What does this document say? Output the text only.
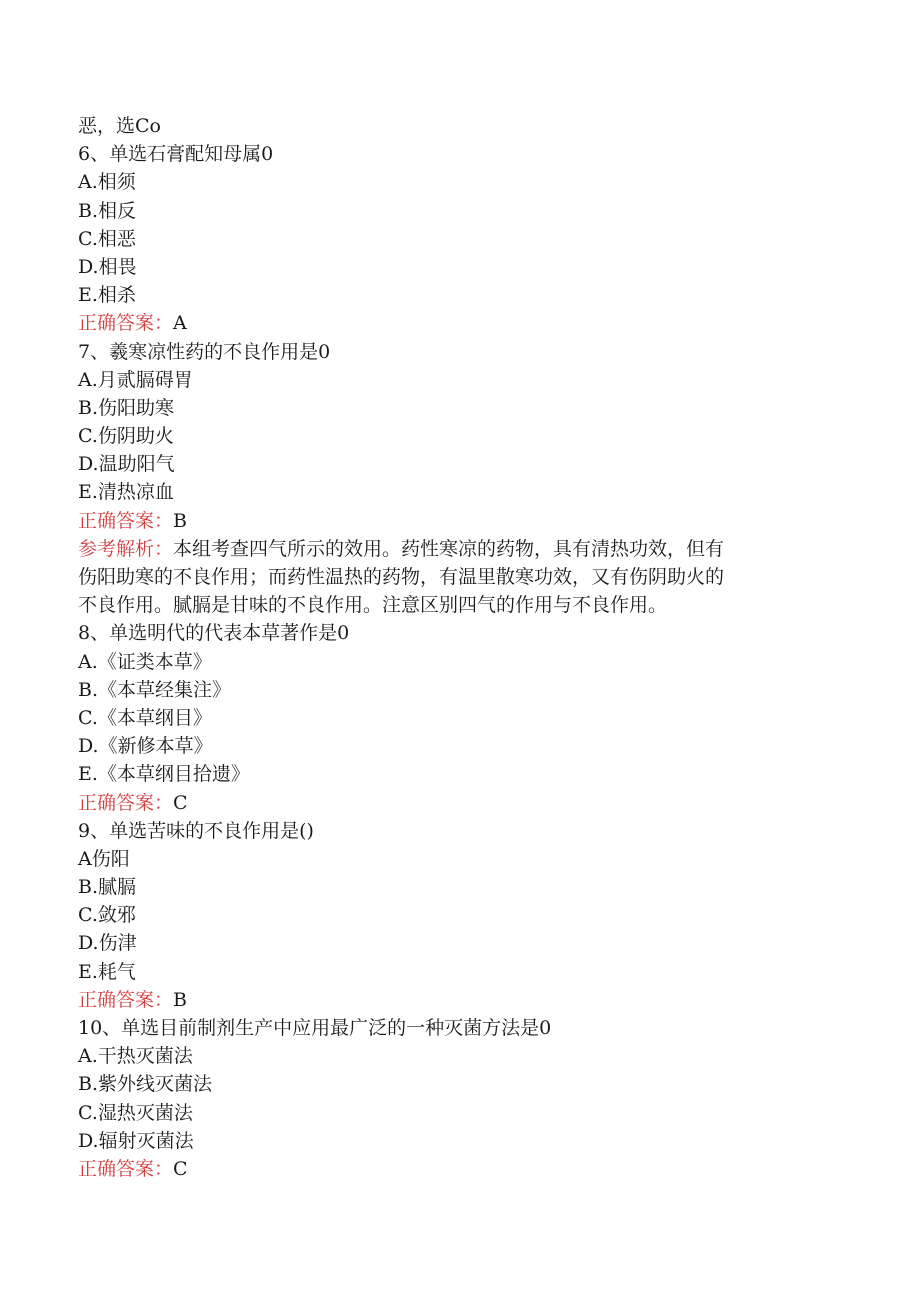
恶，选Co
6、单选石膏配知母属0
A.相须
B.相反
C.相恶
D.相畏
E.相杀
正确答案：A
7、羲寒凉性药的不良作用是0
A.月贰膈碍胃
B.伤阳助寒
C.伤阴助火
D.温助阳气
E.清热凉血
正确答案：B
参考解析：本组考查四气所示的效用。药性寒凉的药物，具有清热功效，但有
伤阳助寒的不良作用；而药性温热的药物，有温里散寒功效，又有伤阴助火的
不良作用。腻膈是甘味的不良作用。注意区别四气的作用与不良作用。
8、单选明代的代表本草著作是0
A.《证类本草》
B.《本草经集注》
C.《本草纲目》
D.《新修本草》
E.《本草纲目拾遗》
正确答案：C
9、单选苦味的不良作用是()
A伤阳
B.腻膈
C.敛邪
D.伤津
E.耗气
正确答案：B
10、单选目前制剂生产中应用最广泛的一种灭菌方法是0
A.干热灭菌法
B.紫外线灭菌法
C.湿热灭菌法
D.辐射灭菌法
正确答案：C
